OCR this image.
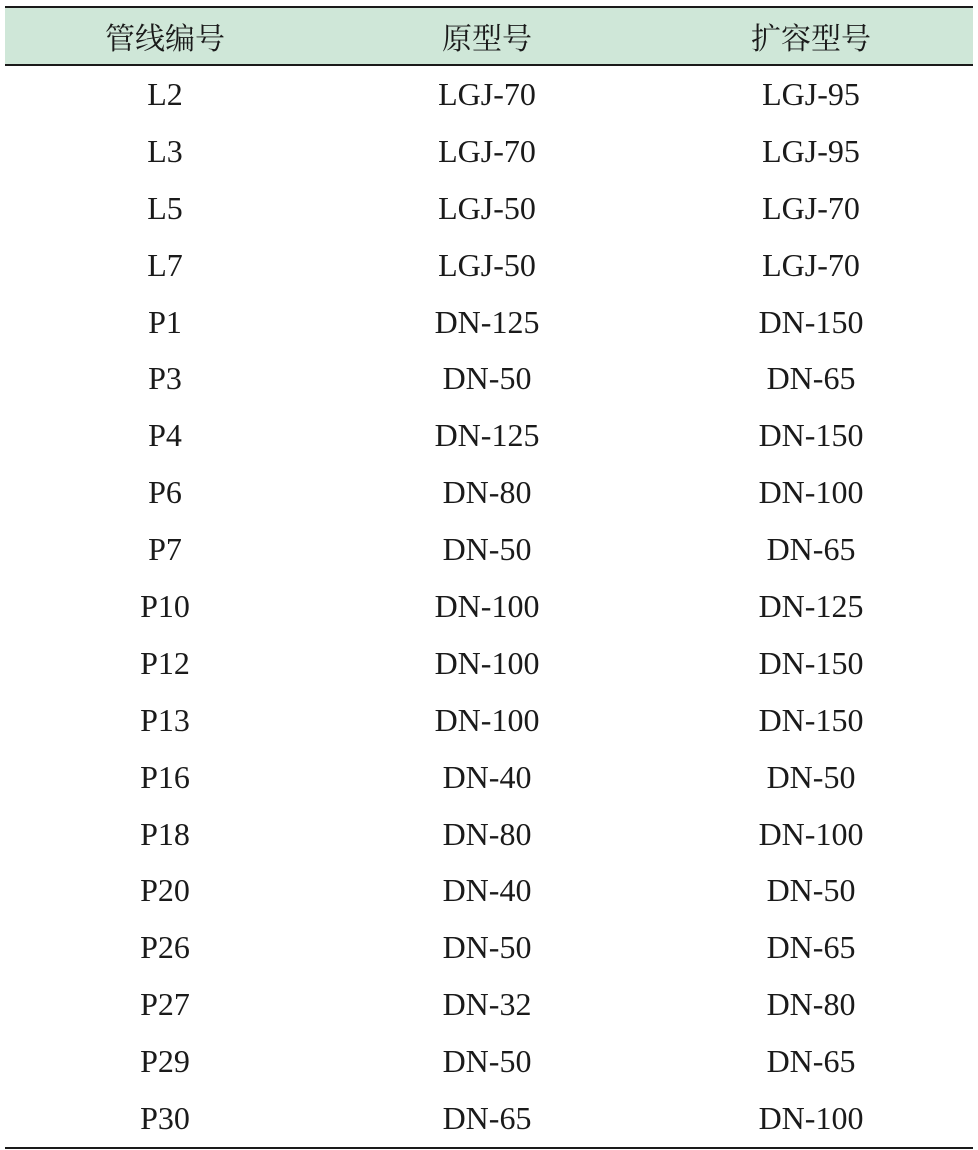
管线编号	原型号	扩容型号
L2	LGJ-70	LGJ-95
L3	LGJ-70	LGJ-95
L5	LGJ-50	LGJ-70
L7	LGJ-50	LGJ-70
P1	DN-125	DN-150
P3	DN-50	DN-65
P4	DN-125	DN-150
P6	DN-80	DN-100
P7	DN-50	DN-65
P10	DN-100	DN-125
P12	DN-100	DN-150
P13	DN-100	DN-150
P16	DN-40	DN-50
P18	DN-80	DN-100
P20	DN-40	DN-50
P26	DN-50	DN-65
P27	DN-32	DN-80
P29	DN-50	DN-65
P30	DN-65	DN-100
